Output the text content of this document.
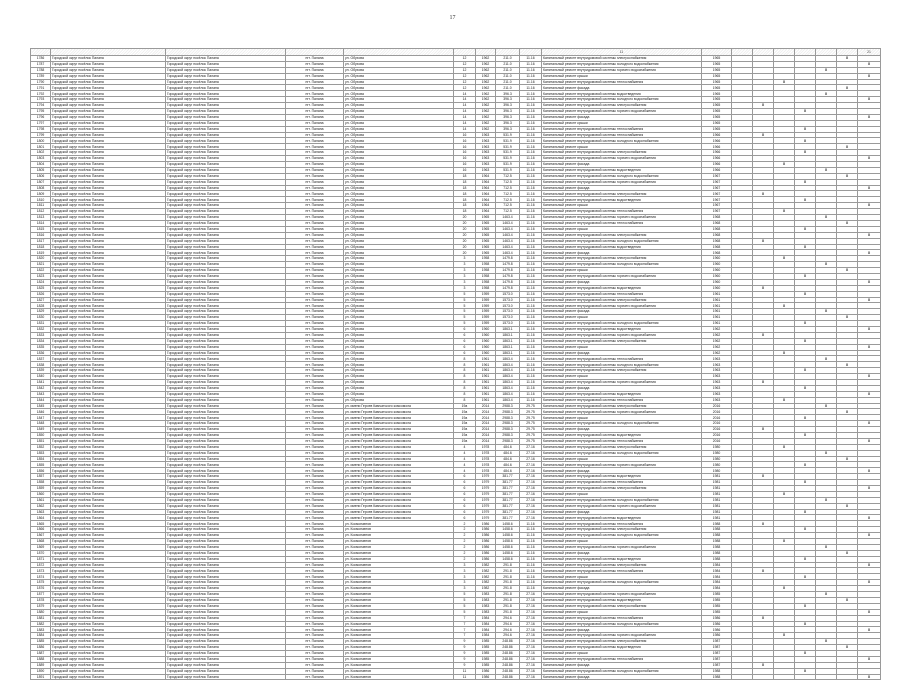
17
									11								21
1786	Городской округ посёлок Палана	Городской округ посёлок Палана	пгт. Палана	ул. Обухова	12	1962	211.0	11.16	Капитальный ремонт внутридомовой системы электроснабжения	1965						X	
1787	Городской округ посёлок Палана	Городской округ посёлок Палана	пгт. Палана	ул. Обухова	12	1962	211.0	11.16	Капитальный ремонт внутридомовой системы холодного водоснабжения	1965							X
1788	Городской округ посёлок Палана	Городской округ посёлок Палана	пгт. Палана	ул. Обухова	12	1962	211.0	11.16	Капитальный ремонт внутридомовой системы горячего водоснабжения	1965					X		
1789	Городской округ посёлок Палана	Городской округ посёлок Палана	пгт. Палана	ул. Обухова	12	1962	211.0	11.16	Капитальный ремонт крыши	1965							X
1790	Городской округ посёлок Палана	Городской округ посёлок Палана	пгт. Палана	ул. Обухова	12	1962	211.0	11.16	Капитальный ремонт внутридомовой системы теплоснабжения	1965			X				
1791	Городской округ посёлок Палана	Городской округ посёлок Палана	пгт. Палана	ул. Обухова	12	1962	211.0	11.16	Капитальный ремонт фасада	1965						X	
1792	Городской округ посёлок Палана	Городской округ посёлок Палана	пгт. Палана	ул. Обухова	14	1962	396.3	11.16	Капитальный ремонт внутридомовой системы водоотведения	1965					X		
1793	Городской округ посёлок Палана	Городской округ посёлок Палана	пгт. Палана	ул. Обухова	14	1962	396.3	11.16	Капитальный ремонт внутридомовой системы холодного водоснабжения	1965							X
1794	Городской округ посёлок Палана	Городской округ посёлок Палана	пгт. Палана	ул. Обухова	14	1962	396.3	11.16	Капитальный ремонт внутридомовой системы электроснабжения	1965		X					
1795	Городской округ посёлок Палана	Городской округ посёлок Палана	пгт. Палана	ул. Обухова	14	1962	396.3	11.16	Капитальный ремонт внутридомовой системы горячего водоснабжения	1965				X			
1796	Городской округ посёлок Палана	Городской округ посёлок Палана	пгт. Палана	ул. Обухова	14	1962	396.3	11.16	Капитальный ремонт фасада	1965							X
1797	Городской округ посёлок Палана	Городской округ посёлок Палана	пгт. Палана	ул. Обухова	14	1962	396.3	11.16	Капитальный ремонт крыши	1965							
1798	Городской округ посёлок Палана	Городской округ посёлок Палана	пгт. Палана	ул. Обухова	14	1962	396.3	11.16	Капитальный ремонт внутридомовой системы теплоснабжения	1965				X			
1799	Городской округ посёлок Палана	Городской округ посёлок Палана	пгт. Палана	ул. Обухова	16	1963	531.9	11.16	Капитальный ремонт внутридомовой системы теплоснабжения	1966		X					
1800	Городской округ посёлок Палана	Городской округ посёлок Палана	пгт. Палана	ул. Обухова	16	1963	531.9	11.16	Капитальный ремонт внутридомовой системы холодного водоснабжения	1966				X			
1801	Городской округ посёлок Палана	Городской округ посёлок Палана	пгт. Палана	ул. Обухова	16	1963	531.9	11.16	Капитальный ремонт крыши	1966						X	
1802	Городской округ посёлок Палана	Городской округ посёлок Палана	пгт. Палана	ул. Обухова	16	1963	531.9	11.16	Капитальный ремонт внутридомовой системы электроснабжения	1966				X			
1803	Городской округ посёлок Палана	Городской округ посёлок Палана	пгт. Палана	ул. Обухова	16	1963	531.9	11.16	Капитальный ремонт внутридомовой системы горячего водоснабжения	1966							X
1804	Городской округ посёлок Палана	Городской округ посёлок Палана	пгт. Палана	ул. Обухова	16	1963	531.9	11.16	Капитальный ремонт фасада	1966			X				
1805	Городской округ посёлок Палана	Городской округ посёлок Палана	пгт. Палана	ул. Обухова	16	1963	531.9	11.16	Капитальный ремонт внутридомовой системы водоотведения	1966					X		
1806	Городской округ посёлок Палана	Городской округ посёлок Палана	пгт. Палана	ул. Обухова	18	1964	712.5	11.16	Капитальный ремонт внутридомовой системы холодного водоснабжения	1967						X	
1807	Городской округ посёлок Палана	Городской округ посёлок Палана	пгт. Палана	ул. Обухова	18	1964	712.5	11.16	Капитальный ремонт внутридомовой системы горячего водоснабжения	1967				X			
1808	Городской округ посёлок Палана	Городской округ посёлок Палана	пгт. Палана	ул. Обухова	18	1964	712.5	11.16	Капитальный ремонт фасада	1967							X
1809	Городской округ посёлок Палана	Городской округ посёлок Палана	пгт. Палана	ул. Обухова	18	1964	712.5	11.16	Капитальный ремонт внутридомовой системы электроснабжения	1967		X					
1810	Городской округ посёлок Палана	Городской округ посёлок Палана	пгт. Палана	ул. Обухова	18	1964	712.5	11.16	Капитальный ремонт внутридомовой системы водоотведения	1967				X			
1811	Городской округ посёлок Палана	Городской округ посёлок Палана	пгт. Палана	ул. Обухова	18	1964	712.5	11.16	Капитальный ремонт крыши	1967							X
1812	Городской округ посёлок Палана	Городской округ посёлок Палана	пгт. Палана	ул. Обухова	18	1964	712.5	11.16	Капитальный ремонт внутридомовой системы теплоснабжения	1967			X				
1813	Городской округ посёлок Палана	Городской округ посёлок Палана	пгт. Палана	ул. Обухова	20	1965	1463.4	11.16	Капитальный ремонт внутридомовой системы горячего водоснабжения	1968					X		
1814	Городской округ посёлок Палана	Городской округ посёлок Палана	пгт. Палана	ул. Обухова	20	1965	1463.4	11.16	Капитальный ремонт внутридомовой системы теплоснабжения	1968						X	
1815	Городской округ посёлок Палана	Городской округ посёлок Палана	пгт. Палана	ул. Обухова	20	1965	1463.4	11.16	Капитальный ремонт крыши	1968				X			
1816	Городской округ посёлок Палана	Городской округ посёлок Палана	пгт. Палана	ул. Обухова	20	1965	1463.4	11.16	Капитальный ремонт внутридомовой системы электроснабжения	1968							X
1817	Городской округ посёлок Палана	Городской округ посёлок Палана	пгт. Палана	ул. Обухова	20	1965	1463.4	11.16	Капитальный ремонт внутридомовой системы холодного водоснабжения	1968		X					
1818	Городской округ посёлок Палана	Городской округ посёлок Палана	пгт. Палана	ул. Обухова	20	1965	1463.4	11.16	Капитальный ремонт внутридомовой системы водоотведения	1968				X			
1819	Городской округ посёлок Палана	Городской округ посёлок Палана	пгт. Палана	ул. Обухова	20	1965	1463.4	11.16	Капитальный ремонт фасада	1968							X
1820	Городской округ посёлок Палана	Городской округ посёлок Палана	пгт. Палана	ул. Обухова	3	1958	1479.8	11.16	Капитальный ремонт внутридомовой системы электроснабжения	1960			X				
1821	Городской округ посёлок Палана	Городской округ посёлок Палана	пгт. Палана	ул. Обухова	3	1958	1479.8	11.16	Капитальный ремонт внутридомовой системы холодного водоснабжения	1960					X		
1822	Городской округ посёлок Палана	Городской округ посёлок Палана	пгт. Палана	ул. Обухова	3	1958	1479.8	11.16	Капитальный ремонт крыши	1960						X	
1823	Городской округ посёлок Палана	Городской округ посёлок Палана	пгт. Палана	ул. Обухова	3	1958	1479.8	11.16	Капитальный ремонт внутридомовой системы горячего водоснабжения	1960				X			
1824	Городской округ посёлок Палана	Городской округ посёлок Палана	пгт. Палана	ул. Обухова	3	1958	1479.8	11.16	Капитальный ремонт фасада	1960							X
1825	Городской округ посёлок Палана	Городской округ посёлок Палана	пгт. Палана	ул. Обухова	3	1958	1479.8	11.16	Капитальный ремонт внутридомовой системы водоотведения	1960		X					
1826	Городской округ посёлок Палана	Городской округ посёлок Палана	пгт. Палана	ул. Обухова	5	1959	1573.0	11.16	Капитальный ремонт внутридомовой системы теплоснабжения	1961				X			
1827	Городской округ посёлок Палана	Городской округ посёлок Палана	пгт. Палана	ул. Обухова	5	1959	1573.0	11.16	Капитальный ремонт внутридомовой системы электроснабжения	1961							X
1828	Городской округ посёлок Палана	Городской округ посёлок Палана	пгт. Палана	ул. Обухова	5	1959	1573.0	11.16	Капитальный ремонт внутридомовой системы горячего водоснабжения	1961			X				
1829	Городской округ посёлок Палана	Городской округ посёлок Палана	пгт. Палана	ул. Обухова	5	1959	1573.0	11.16	Капитальный ремонт фасада	1961					X		
1830	Городской округ посёлок Палана	Городской округ посёлок Палана	пгт. Палана	ул. Обухова	5	1959	1573.0	11.16	Капитальный ремонт крыши	1961						X	
1831	Городской округ посёлок Палана	Городской округ посёлок Палана	пгт. Палана	ул. Обухова	5	1959	1573.0	11.16	Капитальный ремонт внутридомовой системы холодного водоснабжения	1961				X			
1832	Городской округ посёлок Палана	Городской округ посёлок Палана	пгт. Палана	ул. Обухова	6	1960	1863.1	11.16	Капитальный ремонт внутридомовой системы водоотведения	1962							X
1833	Городской округ посёлок Палана	Городской округ посёлок Палана	пгт. Палана	ул. Обухова	6	1960	1863.1	11.16	Капитальный ремонт внутридомовой системы горячего водоснабжения	1962		X					
1834	Городской округ посёлок Палана	Городской округ посёлок Палана	пгт. Палана	ул. Обухова	6	1960	1863.1	11.16	Капитальный ремонт внутридомовой системы электроснабжения	1962				X			
1835	Городской округ посёлок Палана	Городской округ посёлок Палана	пгт. Палана	ул. Обухова	6	1960	1863.1	11.16	Капитальный ремонт крыши	1962							X
1836	Городской округ посёлок Палана	Городской округ посёлок Палана	пгт. Палана	ул. Обухова	6	1960	1863.1	11.16	Капитальный ремонт фасада	1962			X				
1837	Городской округ посёлок Палана	Городской округ посёлок Палана	пгт. Палана	ул. Обухова	8	1961	1863.4	11.16	Капитальный ремонт внутридомовой системы теплоснабжения	1963					X		
1838	Городской округ посёлок Палана	Городской округ посёлок Палана	пгт. Палана	ул. Обухова	8	1961	1863.4	11.16	Капитальный ремонт внутридомовой системы холодного водоснабжения	1963						X	
1839	Городской округ посёлок Палана	Городской округ посёлок Палана	пгт. Палана	ул. Обухова	8	1961	1863.4	11.16	Капитальный ремонт внутридомовой системы электроснабжения	1963				X			
1840	Городской округ посёлок Палана	Городской округ посёлок Палана	пгт. Палана	ул. Обухова	8	1961	1863.4	11.16	Капитальный ремонт крыши	1963							X
1841	Городской округ посёлок Палана	Городской округ посёлок Палана	пгт. Палана	ул. Обухова	8	1961	1863.4	11.16	Капитальный ремонт внутридомовой системы горячего водоснабжения	1963		X					
1842	Городской округ посёлок Палана	Городской округ посёлок Палана	пгт. Палана	ул. Обухова	8	1961	1863.4	11.16	Капитальный ремонт фасада	1963				X			
1843	Городской округ посёлок Палана	Городской округ посёлок Палана	пгт. Палана	ул. Обухова	8	1961	1863.4	11.16	Капитальный ремонт внутридомовой системы водоотведения	1963							X
1844	Городской округ посёлок Палана	Городской округ посёлок Палана	пгт. Палана	ул. Обухова	8	1961	1863.4	11.16	Капитальный ремонт внутридомовой системы теплоснабжения	1963			X				
1845	Городской округ посёлок Палана	Городской округ посёлок Палана	пгт. Палана	ул. имени Героев Камчатского комсомола	19а	2014	2988.3	29.75	Капитальный ремонт внутридомовой системы электроснабжения	2016					X		
1846	Городской округ посёлок Палана	Городской округ посёлок Палана	пгт. Палана	ул. имени Героев Камчатского комсомола	19а	2014	2988.3	29.75	Капитальный ремонт внутридомовой системы горячего водоснабжения	2016						X	
1847	Городской округ посёлок Палана	Городской округ посёлок Палана	пгт. Палана	ул. имени Героев Камчатского комсомола	19а	2014	2988.3	29.75	Капитальный ремонт крыши	2016				X			
1848	Городской округ посёлок Палана	Городской округ посёлок Палана	пгт. Палана	ул. имени Героев Камчатского комсомола	19а	2014	2988.3	29.75	Капитальный ремонт внутридомовой системы холодного водоснабжения	2016							X
1849	Городской округ посёлок Палана	Городской округ посёлок Палана	пгт. Палана	ул. имени Героев Камчатского комсомола	19а	2014	2988.3	29.75	Капитальный ремонт фасада	2016		X					
1850	Городской округ посёлок Палана	Городской округ посёлок Палана	пгт. Палана	ул. имени Героев Камчатского комсомола	19а	2014	2988.3	29.75	Капитальный ремонт внутридомовой системы водоотведения	2016				X			
1851	Городской округ посёлок Палана	Городской округ посёлок Палана	пгт. Палана	ул. имени Героев Камчатского комсомола	19а	2014	2988.3	29.75	Капитальный ремонт внутридомовой системы теплоснабжения	2016							X
1852	Городской округ посёлок Палана	Городской округ посёлок Палана	пгт. Палана	ул. имени Героев Камчатского комсомола	4	1978	484.6	27.16	Капитальный ремонт внутридомовой системы электроснабжения	1980			X				
1853	Городской округ посёлок Палана	Городской округ посёлок Палана	пгт. Палана	ул. имени Героев Камчатского комсомола	4	1978	484.6	27.16	Капитальный ремонт внутридомовой системы холодного водоснабжения	1980					X		
1854	Городской округ посёлок Палана	Городской округ посёлок Палана	пгт. Палана	ул. имени Героев Камчатского комсомола	4	1978	484.6	27.16	Капитальный ремонт крыши	1980						X	
1855	Городской округ посёлок Палана	Городской округ посёлок Палана	пгт. Палана	ул. имени Героев Камчатского комсомола	4	1978	484.6	27.16	Капитальный ремонт внутридомовой системы горячего водоснабжения	1980				X			
1856	Городской округ посёлок Палана	Городской округ посёлок Палана	пгт. Палана	ул. имени Героев Камчатского комсомола	4	1978	484.6	27.16	Капитальный ремонт фасада	1980							X
1857	Городской округ посёлок Палана	Городской округ посёлок Палана	пгт. Палана	ул. имени Героев Камчатского комсомола	6	1979	381.77	27.16	Капитальный ремонт внутридомовой системы водоотведения	1981		X					
1858	Городской округ посёлок Палана	Городской округ посёлок Палана	пгт. Палана	ул. имени Героев Камчатского комсомола	6	1979	381.77	27.16	Капитальный ремонт внутридомовой системы теплоснабжения	1981				X			
1859	Городской округ посёлок Палана	Городской округ посёлок Палана	пгт. Палана	ул. имени Героев Камчатского комсомола	6	1979	381.77	27.16	Капитальный ремонт внутридомовой системы электроснабжения	1981							X
1860	Городской округ посёлок Палана	Городской округ посёлок Палана	пгт. Палана	ул. имени Героев Камчатского комсомола	6	1979	381.77	27.16	Капитальный ремонт крыши	1981			X				
1861	Городской округ посёлок Палана	Городской округ посёлок Палана	пгт. Палана	ул. имени Героев Камчатского комсомола	6	1979	381.77	27.16	Капитальный ремонт внутридомовой системы холодного водоснабжения	1981					X		
1862	Городской округ посёлок Палана	Городской округ посёлок Палана	пгт. Палана	ул. имени Героев Камчатского комсомола	6	1979	381.77	27.16	Капитальный ремонт внутридомовой системы горячего водоснабжения	1981						X	
1863	Городской округ посёлок Палана	Городской округ посёлок Палана	пгт. Палана	ул. имени Героев Камчатского комсомола	6	1979	381.77	27.16	Капитальный ремонт фасада	1981				X			
1864	Городской округ посёлок Палана	Городской округ посёлок Палана	пгт. Палана	ул. имени Героев Камчатского комсомола	6	1979	381.77	27.16	Капитальный ремонт внутридомовой системы водоотведения	1981							X
1865	Городской округ посёлок Палана	Городской округ посёлок Палана	пгт. Палана	ул. Космонавтов	2	1986	1458.6	11.16	Капитальный ремонт внутридомовой системы теплоснабжения	1988		X					
1866	Городской округ посёлок Палана	Городской округ посёлок Палана	пгт. Палана	ул. Космонавтов	2	1986	1458.6	11.16	Капитальный ремонт внутридомовой системы электроснабжения	1988				X			
1867	Городской округ посёлок Палана	Городской округ посёлок Палана	пгт. Палана	ул. Космонавтов	2	1986	1458.6	11.16	Капитальный ремонт внутридомовой системы холодного водоснабжения	1988							X
1868	Городской округ посёлок Палана	Городской округ посёлок Палана	пгт. Палана	ул. Космонавтов	2	1986	1458.6	11.16	Капитальный ремонт крыши	1988			X				
1869	Городской округ посёлок Палана	Городской округ посёлок Палана	пгт. Палана	ул. Космонавтов	2	1986	1458.6	11.16	Капитальный ремонт внутридомовой системы горячего водоснабжения	1988					X		
1870	Городской округ посёлок Палана	Городской округ посёлок Палана	пгт. Палана	ул. Космонавтов	2	1986	1458.6	11.16	Капитальный ремонт фасада	1988						X	
1871	Городской округ посёлок Палана	Городской округ посёлок Палана	пгт. Палана	ул. Космонавтов	2	1986	1458.6	11.16	Капитальный ремонт внутридомовой системы водоотведения	1988				X			
1872	Городской округ посёлок Палана	Городской округ посёлок Палана	пгт. Палана	ул. Космонавтов	3	1982	291.8	11.16	Капитальный ремонт внутридомовой системы электроснабжения	1984							X
1873	Городской округ посёлок Палана	Городской округ посёлок Палана	пгт. Палана	ул. Космонавтов	3	1982	291.8	11.16	Капитальный ремонт внутридомовой системы теплоснабжения	1984		X					
1874	Городской округ посёлок Палана	Городской округ посёлок Палана	пгт. Палана	ул. Космонавтов	3	1982	291.8	11.16	Капитальный ремонт крыши	1984				X			
1875	Городской округ посёлок Палана	Городской округ посёлок Палана	пгт. Палана	ул. Космонавтов	3	1982	291.8	11.16	Капитальный ремонт внутридомовой системы холодного водоснабжения	1984							X
1876	Городской округ посёлок Палана	Городской округ посёлок Палана	пгт. Палана	ул. Космонавтов	3	1982	291.8	11.16	Капитальный ремонт фасада	1984			X				
1877	Городской округ посёлок Палана	Городской округ посёлок Палана	пгт. Палана	ул. Космонавтов	5	1983	291.8	27.16	Капитальный ремонт внутридомовой системы горячего водоснабжения	1985					X		
1878	Городской округ посёлок Палана	Городской округ посёлок Палана	пгт. Палана	ул. Космонавтов	5	1983	291.8	27.16	Капитальный ремонт внутридомовой системы водоотведения	1985						X	
1879	Городской округ посёлок Палана	Городской округ посёлок Палана	пгт. Палана	ул. Космонавтов	5	1983	291.8	27.16	Капитальный ремонт внутридомовой системы электроснабжения	1985				X			
1880	Городской округ посёлок Палана	Городской округ посёлок Палана	пгт. Палана	ул. Космонавтов	5	1983	291.8	27.16	Капитальный ремонт крыши	1985							X
1881	Городской округ посёлок Палана	Городской округ посёлок Палана	пгт. Палана	ул. Космонавтов	7	1984	294.6	27.16	Капитальный ремонт внутридомовой системы теплоснабжения	1986		X					
1882	Городской округ посёлок Палана	Городской округ посёлок Палана	пгт. Палана	ул. Космонавтов	7	1984	294.6	27.16	Капитальный ремонт внутридомовой системы холодного водоснабжения	1986				X			
1883	Городской округ посёлок Палана	Городской округ посёлок Палана	пгт. Палана	ул. Космонавтов	7	1984	294.6	27.16	Капитальный ремонт фасада	1986							X
1884	Городской округ посёлок Палана	Городской округ посёлок Палана	пгт. Палана	ул. Космонавтов	7	1984	294.6	27.16	Капитальный ремонт внутридомовой системы горячего водоснабжения	1986			X				
1885	Городской округ посёлок Палана	Городской округ посёлок Палана	пгт. Палана	ул. Космонавтов	9	1985	248.86	27.16	Капитальный ремонт внутридомовой системы электроснабжения	1987					X		
1886	Городской округ посёлок Палана	Городской округ посёлок Палана	пгт. Палана	ул. Космонавтов	9	1985	248.86	27.16	Капитальный ремонт внутридомовой системы водоотведения	1987						X	
1887	Городской округ посёлок Палана	Городской округ посёлок Палана	пгт. Палана	ул. Космонавтов	9	1985	248.86	27.16	Капитальный ремонт крыши	1987				X			
1888	Городской округ посёлок Палана	Городской округ посёлок Палана	пгт. Палана	ул. Космонавтов	9	1985	248.86	27.16	Капитальный ремонт внутридомовой системы теплоснабжения	1987							X
1889	Городской округ посёлок Палана	Городской округ посёлок Палана	пгт. Палана	ул. Космонавтов	9	1985	248.86	27.16	Капитальный ремонт фасада	1987		X					
1890	Городской округ посёлок Палана	Городской округ посёлок Палана	пгт. Палана	ул. Космонавтов	11	1986	248.86	27.16	Капитальный ремонт внутридомовой системы холодного водоснабжения	1988				X			
1891	Городской округ посёлок Палана	Городской округ посёлок Палана	пгт. Палана	ул. Космонавтов	11	1986	248.86	27.16	Капитальный ремонт фасада	1988							X
